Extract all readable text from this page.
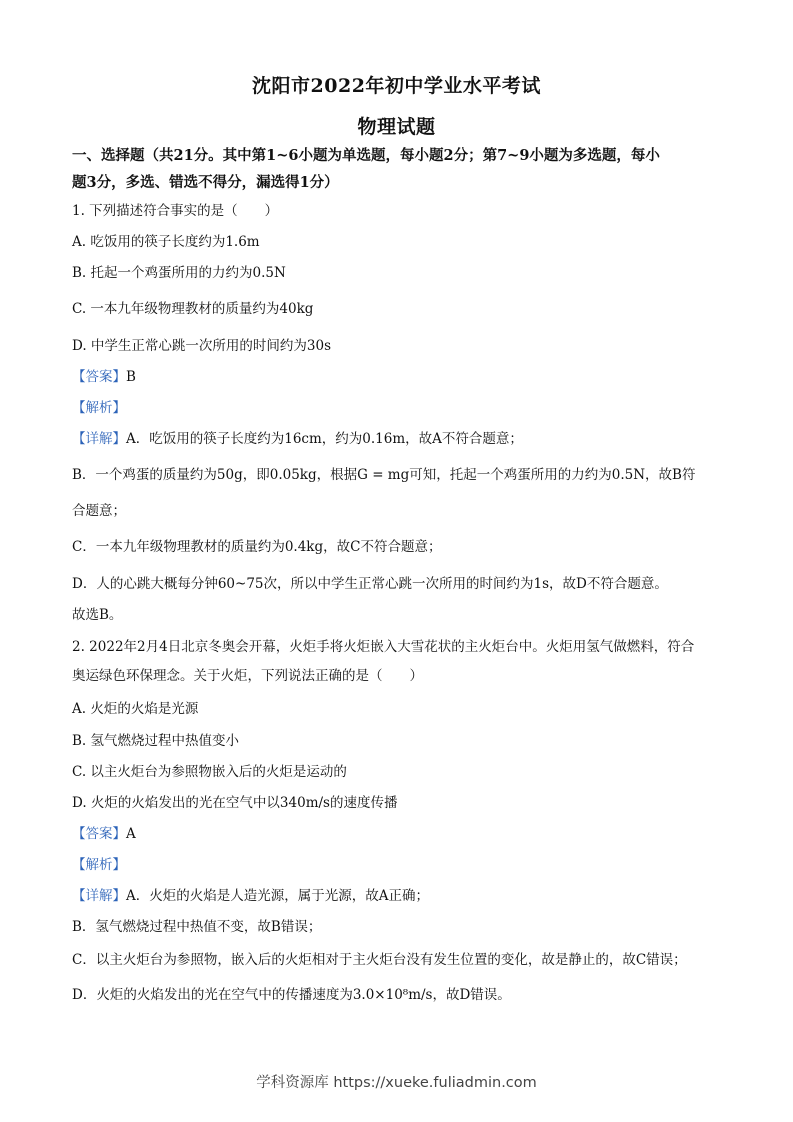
沈阳市2022年初中学业水平考试
物理试题
一、选择题（共21分。其中第1~6小题为单选题，每小题2分；第7~9小题为多选题，每小
题3分，多选、错选不得分，漏选得1分）
1. 下列描述符合事实的是（　　）
A. 吃饭用的筷子长度约为1.6m
B. 托起一个鸡蛋所用的力约为0.5N
C. 一本九年级物理教材的质量约为40kg
D. 中学生正常心跳一次所用的时间约为30s
【答案】B
【解析】
【详解】A．吃饭用的筷子长度约为16cm，约为0.16m，故A不符合题意；
B．一个鸡蛋的质量约为50g，即0.05kg，根据G = mg可知，托起一个鸡蛋所用的力约为0.5N，故B符
合题意；
C．一本九年级物理教材的质量约为0.4kg，故C不符合题意；
D．人的心跳大概每分钟60~75次，所以中学生正常心跳一次所用的时间约为1s，故D不符合题意。
故选B。
2. 2022年2月4日北京冬奥会开幕，火炬手将火炬嵌入大雪花状的主火炬台中。火炬用氢气做燃料，符合
奥运绿色环保理念。关于火炬，下列说法正确的是（　　）
A. 火炬的火焰是光源
B. 氢气燃烧过程中热值变小
C. 以主火炬台为参照物嵌入后的火炬是运动的
D. 火炬的火焰发出的光在空气中以340m/s的速度传播
【答案】A
【解析】
【详解】A．火炬的火焰是人造光源，属于光源，故A正确；
B．氢气燃烧过程中热值不变，故B错误；
C．以主火炬台为参照物，嵌入后的火炬相对于主火炬台没有发生位置的变化，故是静止的，故C错误；
D．火炬的火焰发出的光在空气中的传播速度为3.0×10⁸m/s，故D错误。
学科资源库 https://xueke.fuliadmin.com
